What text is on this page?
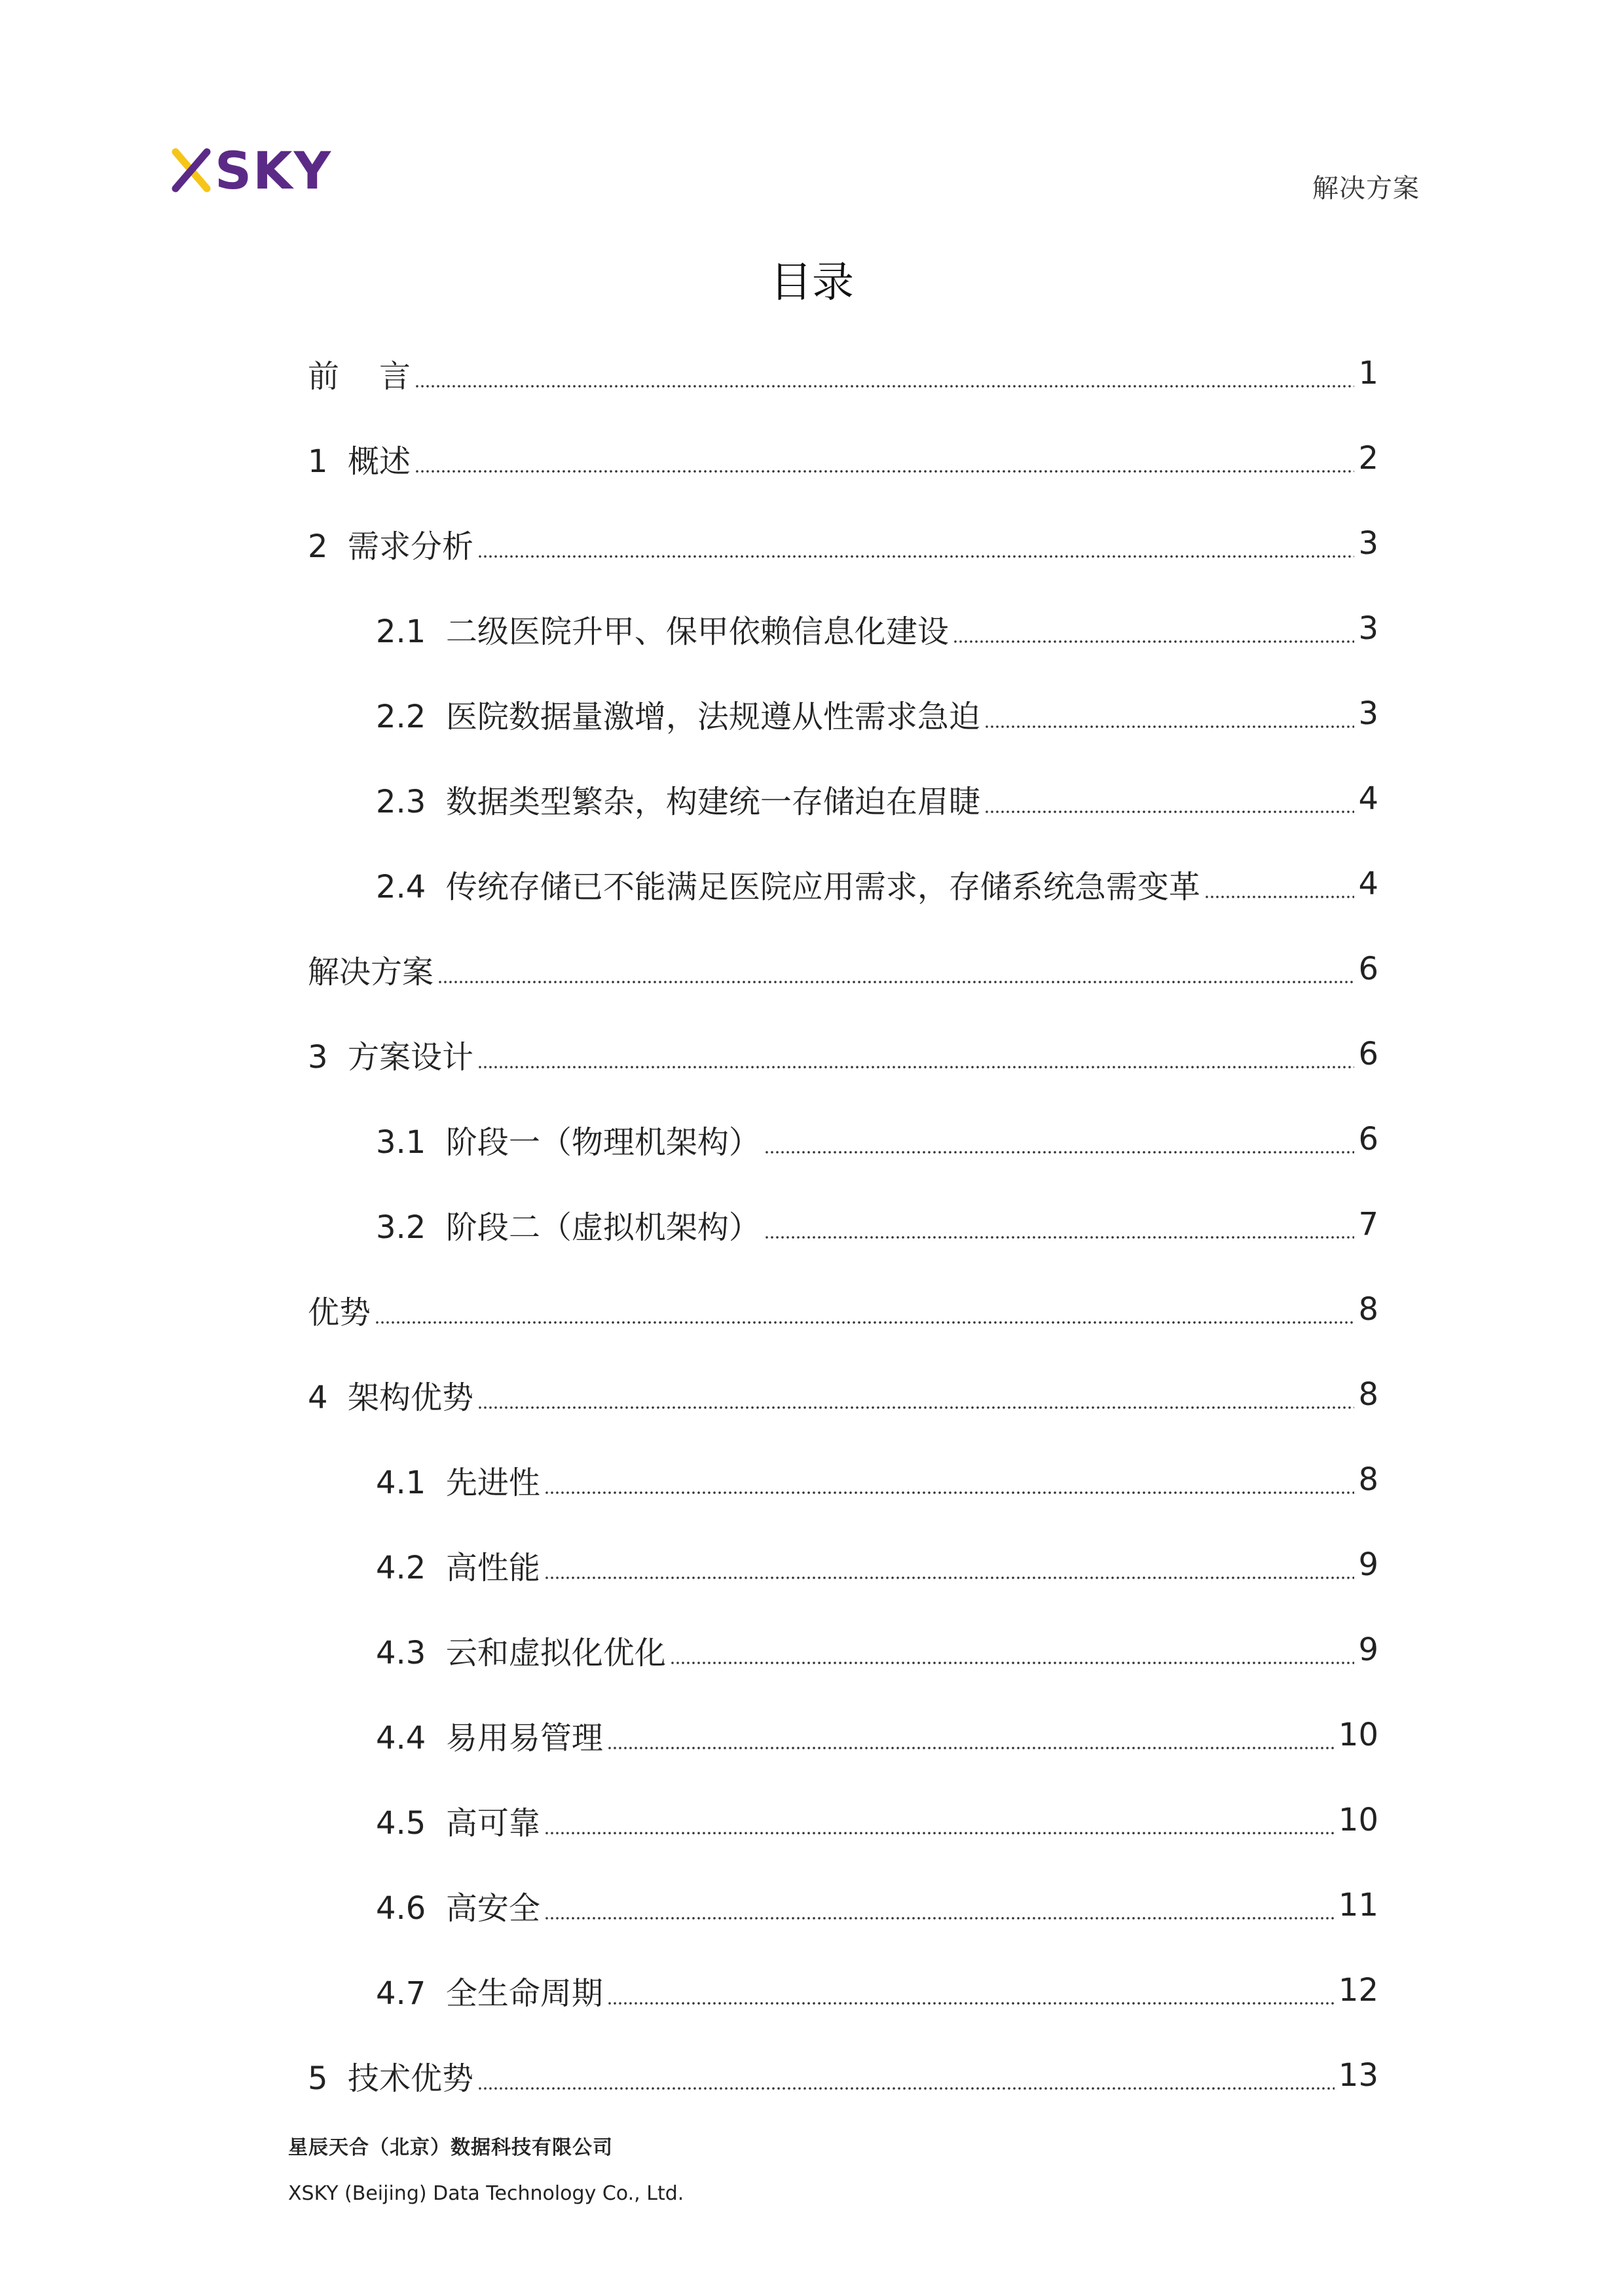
SKY	解决方案
目录
前    言	1
1  概述	2
2  需求分析	3
2.1  二级医院升甲、保甲依赖信息化建设	3
2.2  医院数据量激增，法规遵从性需求急迫	3
2.3  数据类型繁杂，构建统一存储迫在眉睫	4
2.4  传统存储已不能满足医院应用需求，存储系统急需变革	4
解决方案	6
3  方案设计	6
3.1  阶段一（物理机架构）	6
3.2  阶段二（虚拟机架构）	7
优势	8
4  架构优势	8
4.1  先进性	8
4.2  高性能	9
4.3  云和虚拟化优化	9
4.4  易用易管理	10
4.5  高可靠	10
4.6  高安全	11
4.7  全生命周期	12
5  技术优势	13
星辰天合（北京）数据科技有限公司
XSKY (Beijing) Data Technology Co., Ltd.
